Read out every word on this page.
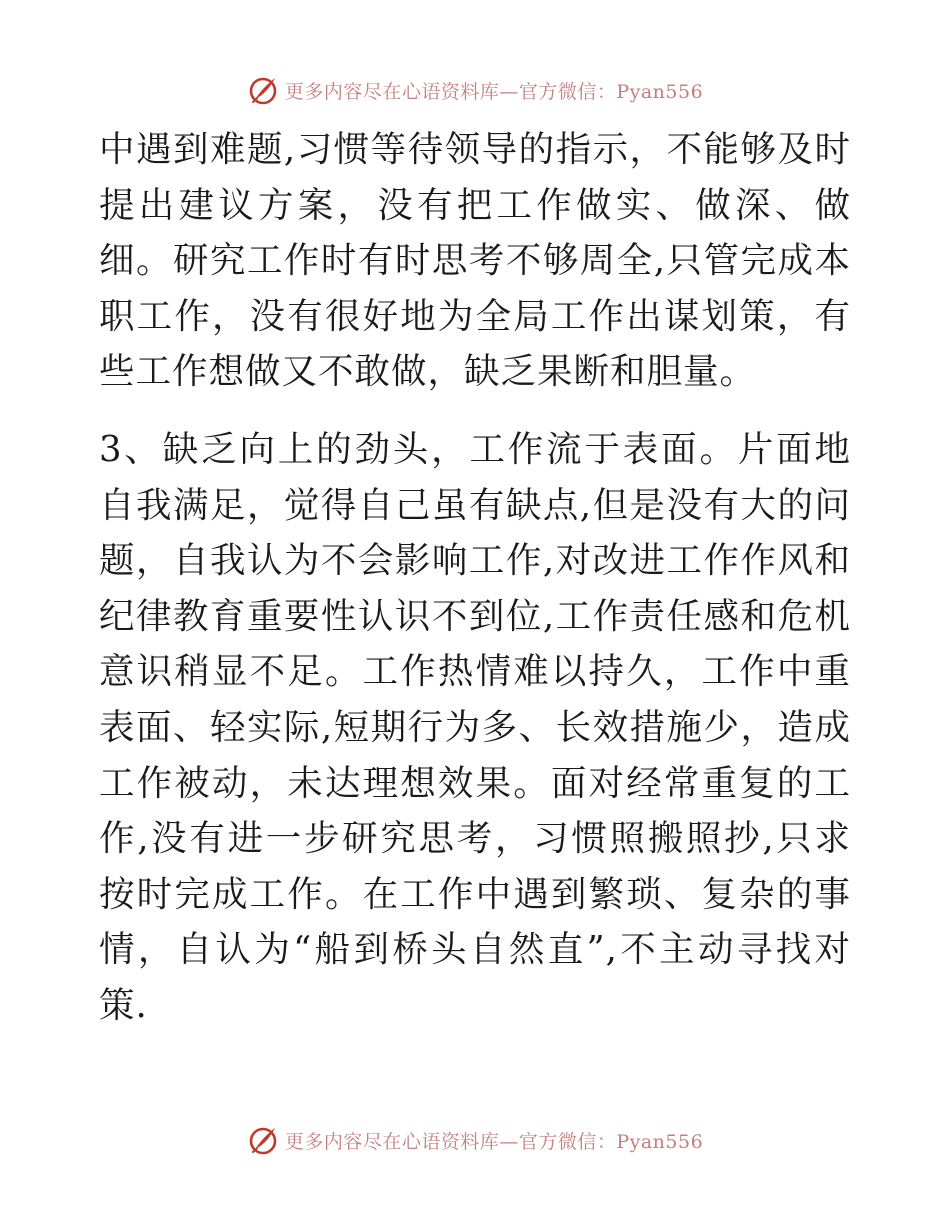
更多内容尽在心语资料库—官方微信：Pyan556

中遇到难题,习惯等待领导的指示，不能够及时提出建议方案，没有把工作做实、做深、做细。研究工作时有时思考不够周全,只管完成本职工作，没有很好地为全局工作出谋划策，有些工作想做又不敢做，缺乏果断和胆量。

3、缺乏向上的劲头，工作流于表面。片面地自我满足，觉得自己虽有缺点,但是没有大的问题，自我认为不会影响工作,对改进工作作风和纪律教育重要性认识不到位,工作责任感和危机意识稍显不足。工作热情难以持久，工作中重表面、轻实际,短期行为多、长效措施少，造成工作被动，未达理想效果。面对经常重复的工作,没有进一步研究思考，习惯照搬照抄,只求按时完成工作。在工作中遇到繁琐、复杂的事情，自认为“船到桥头自然直”,不主动寻找对策.

更多内容尽在心语资料库—官方微信：Pyan556
